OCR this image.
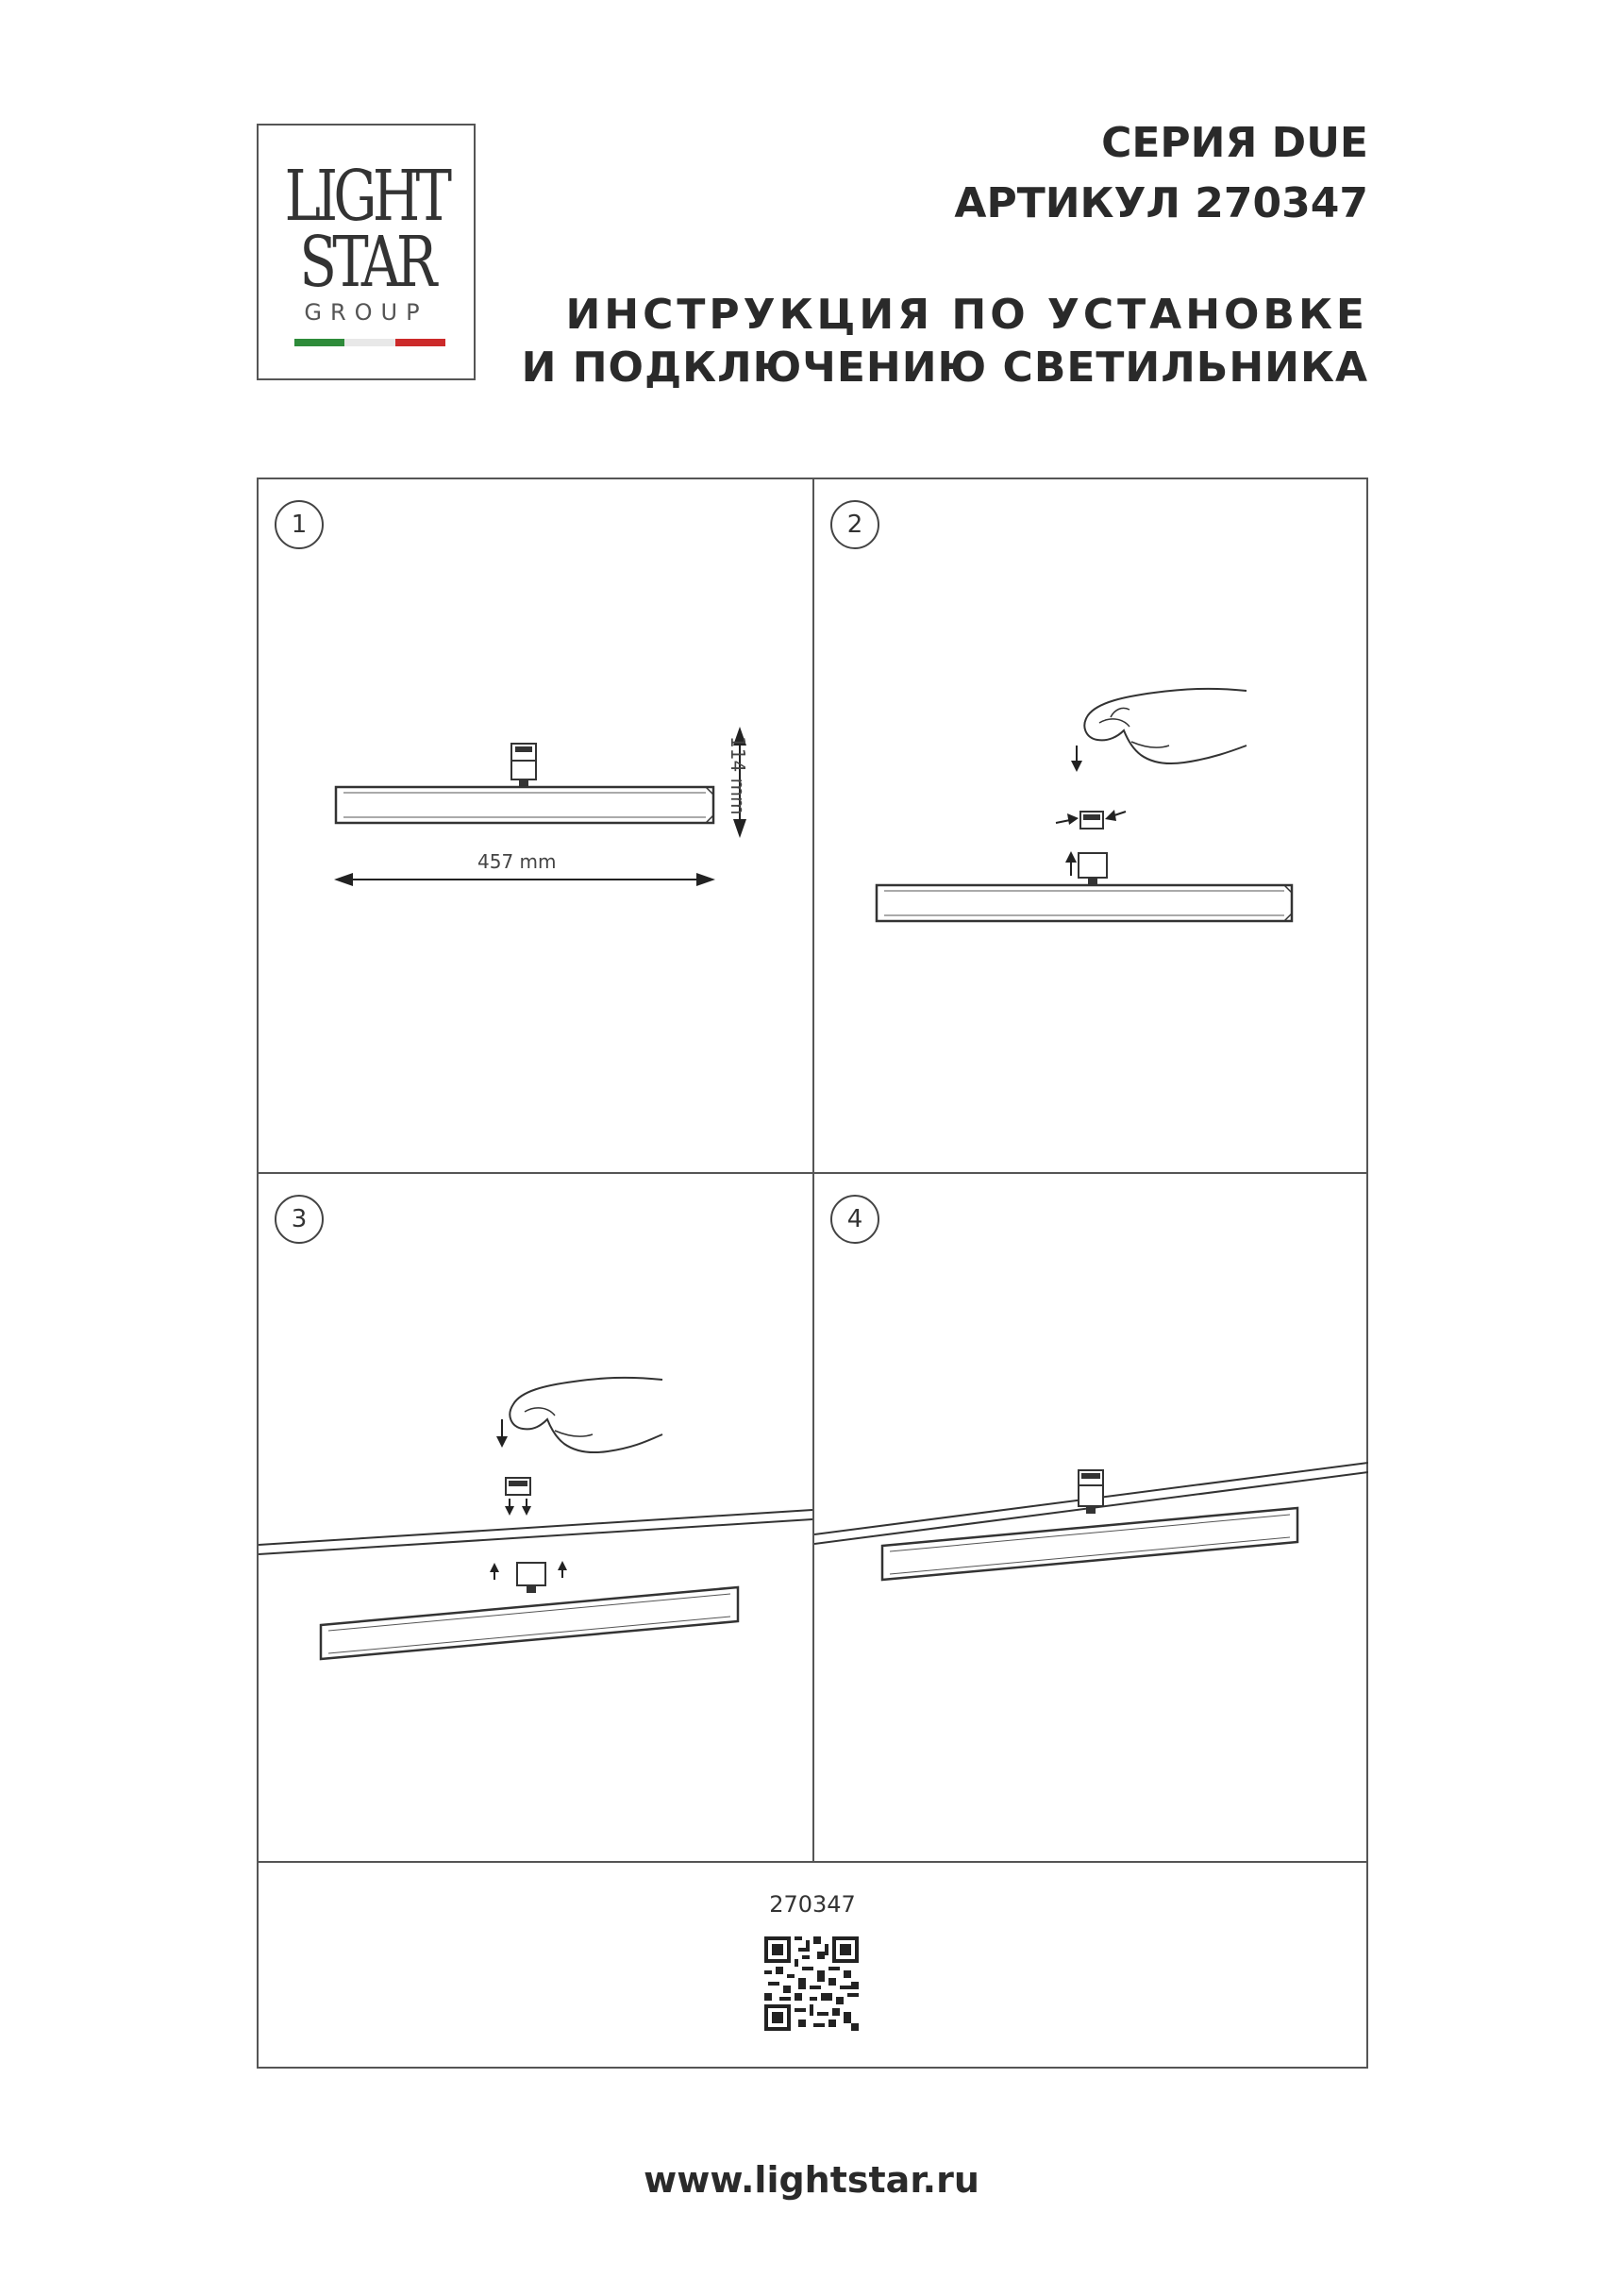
LIGHT
STAR
GROUP
СЕРИЯ DUE
АРТИКУЛ 270347
ИНСТРУКЦИЯ ПО УСТАНОВКЕ
И ПОДКЛЮЧЕНИЮ СВЕТИЛЬНИКА
1
457 mm
114 mm
2
3	4
270347
www.lightstar.ru
